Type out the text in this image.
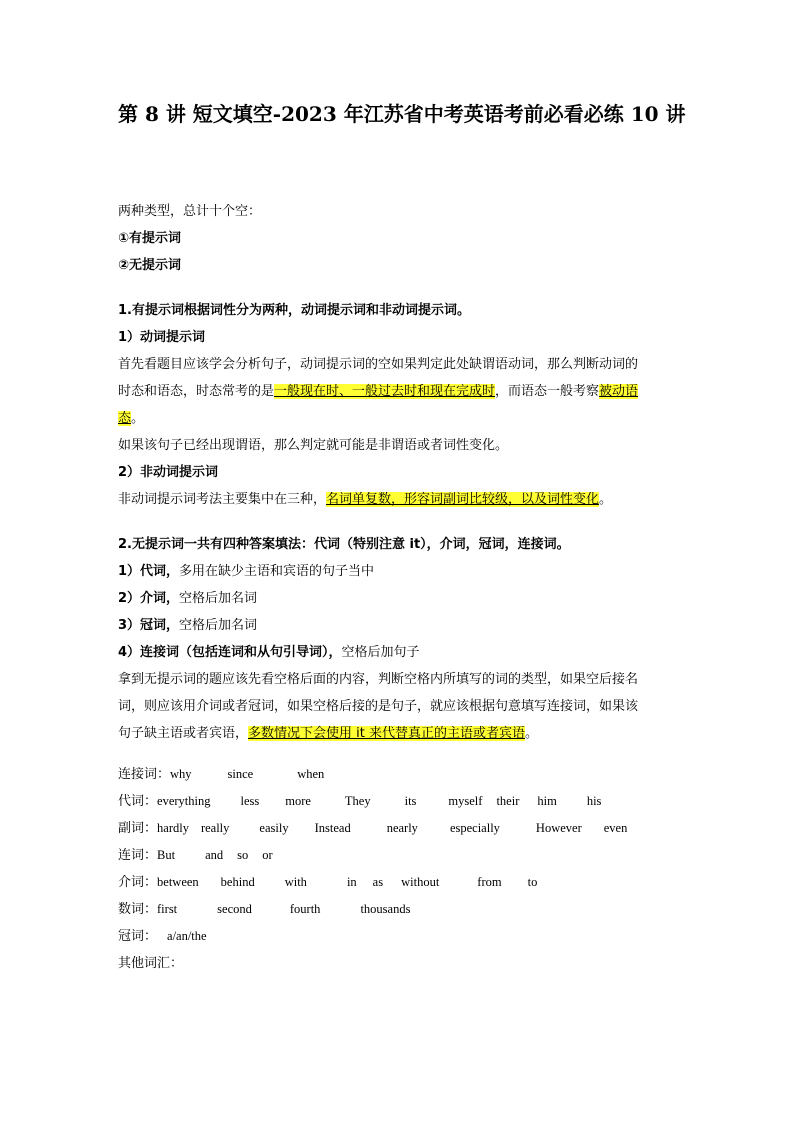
第 8 讲 短文填空-2023 年江苏省中考英语考前必看必练 10 讲
两种类型，总计十个空：
①有提示词
②无提示词
1.有提示词根据词性分为两种，动词提示词和非动词提示词。
1）动词提示词
首先看题目应该学会分析句子，动词提示词的空如果判定此处缺谓语动词，那么判断动词的
时态和语态，时态常考的是一般现在时、一般过去时和现在完成时，而语态一般考察被动语
态。
如果该句子已经出现谓语，那么判定就可能是非谓语或者词性变化。
2）非动词提示词
非动词提示词考法主要集中在三种，名词单复数，形容词副词比较级，以及词性变化。
2.无提示词一共有四种答案填法：代词（特别注意 it），介词，冠词，连接词。
1）代词，多用在缺少主语和宾语的句子当中
2）介词，空格后加名词
3）冠词，空格后加名词
4）连接词（包括连词和从句引导词），空格后加句子
拿到无提示词的题应该先看空格后面的内容，判断空格内所填写的词的类型，如果空后接名
词，则应该用介词或者冠词，如果空格后接的是句子，就应该根据句意填写连接词，如果该
句子缺主语或者宾语，多数情况下会使用 it 来代替真正的主语或者宾语。
连接词：why	since	when
代词：everything less more	They	its	myself their him his
副词：hardly really easily Instead	nearly	especially	However even
连词：But and so or
介词：between behind with	in as without	from to
数词：first	second	fourth	thousands
冠词： a/an/the
其他词汇：
